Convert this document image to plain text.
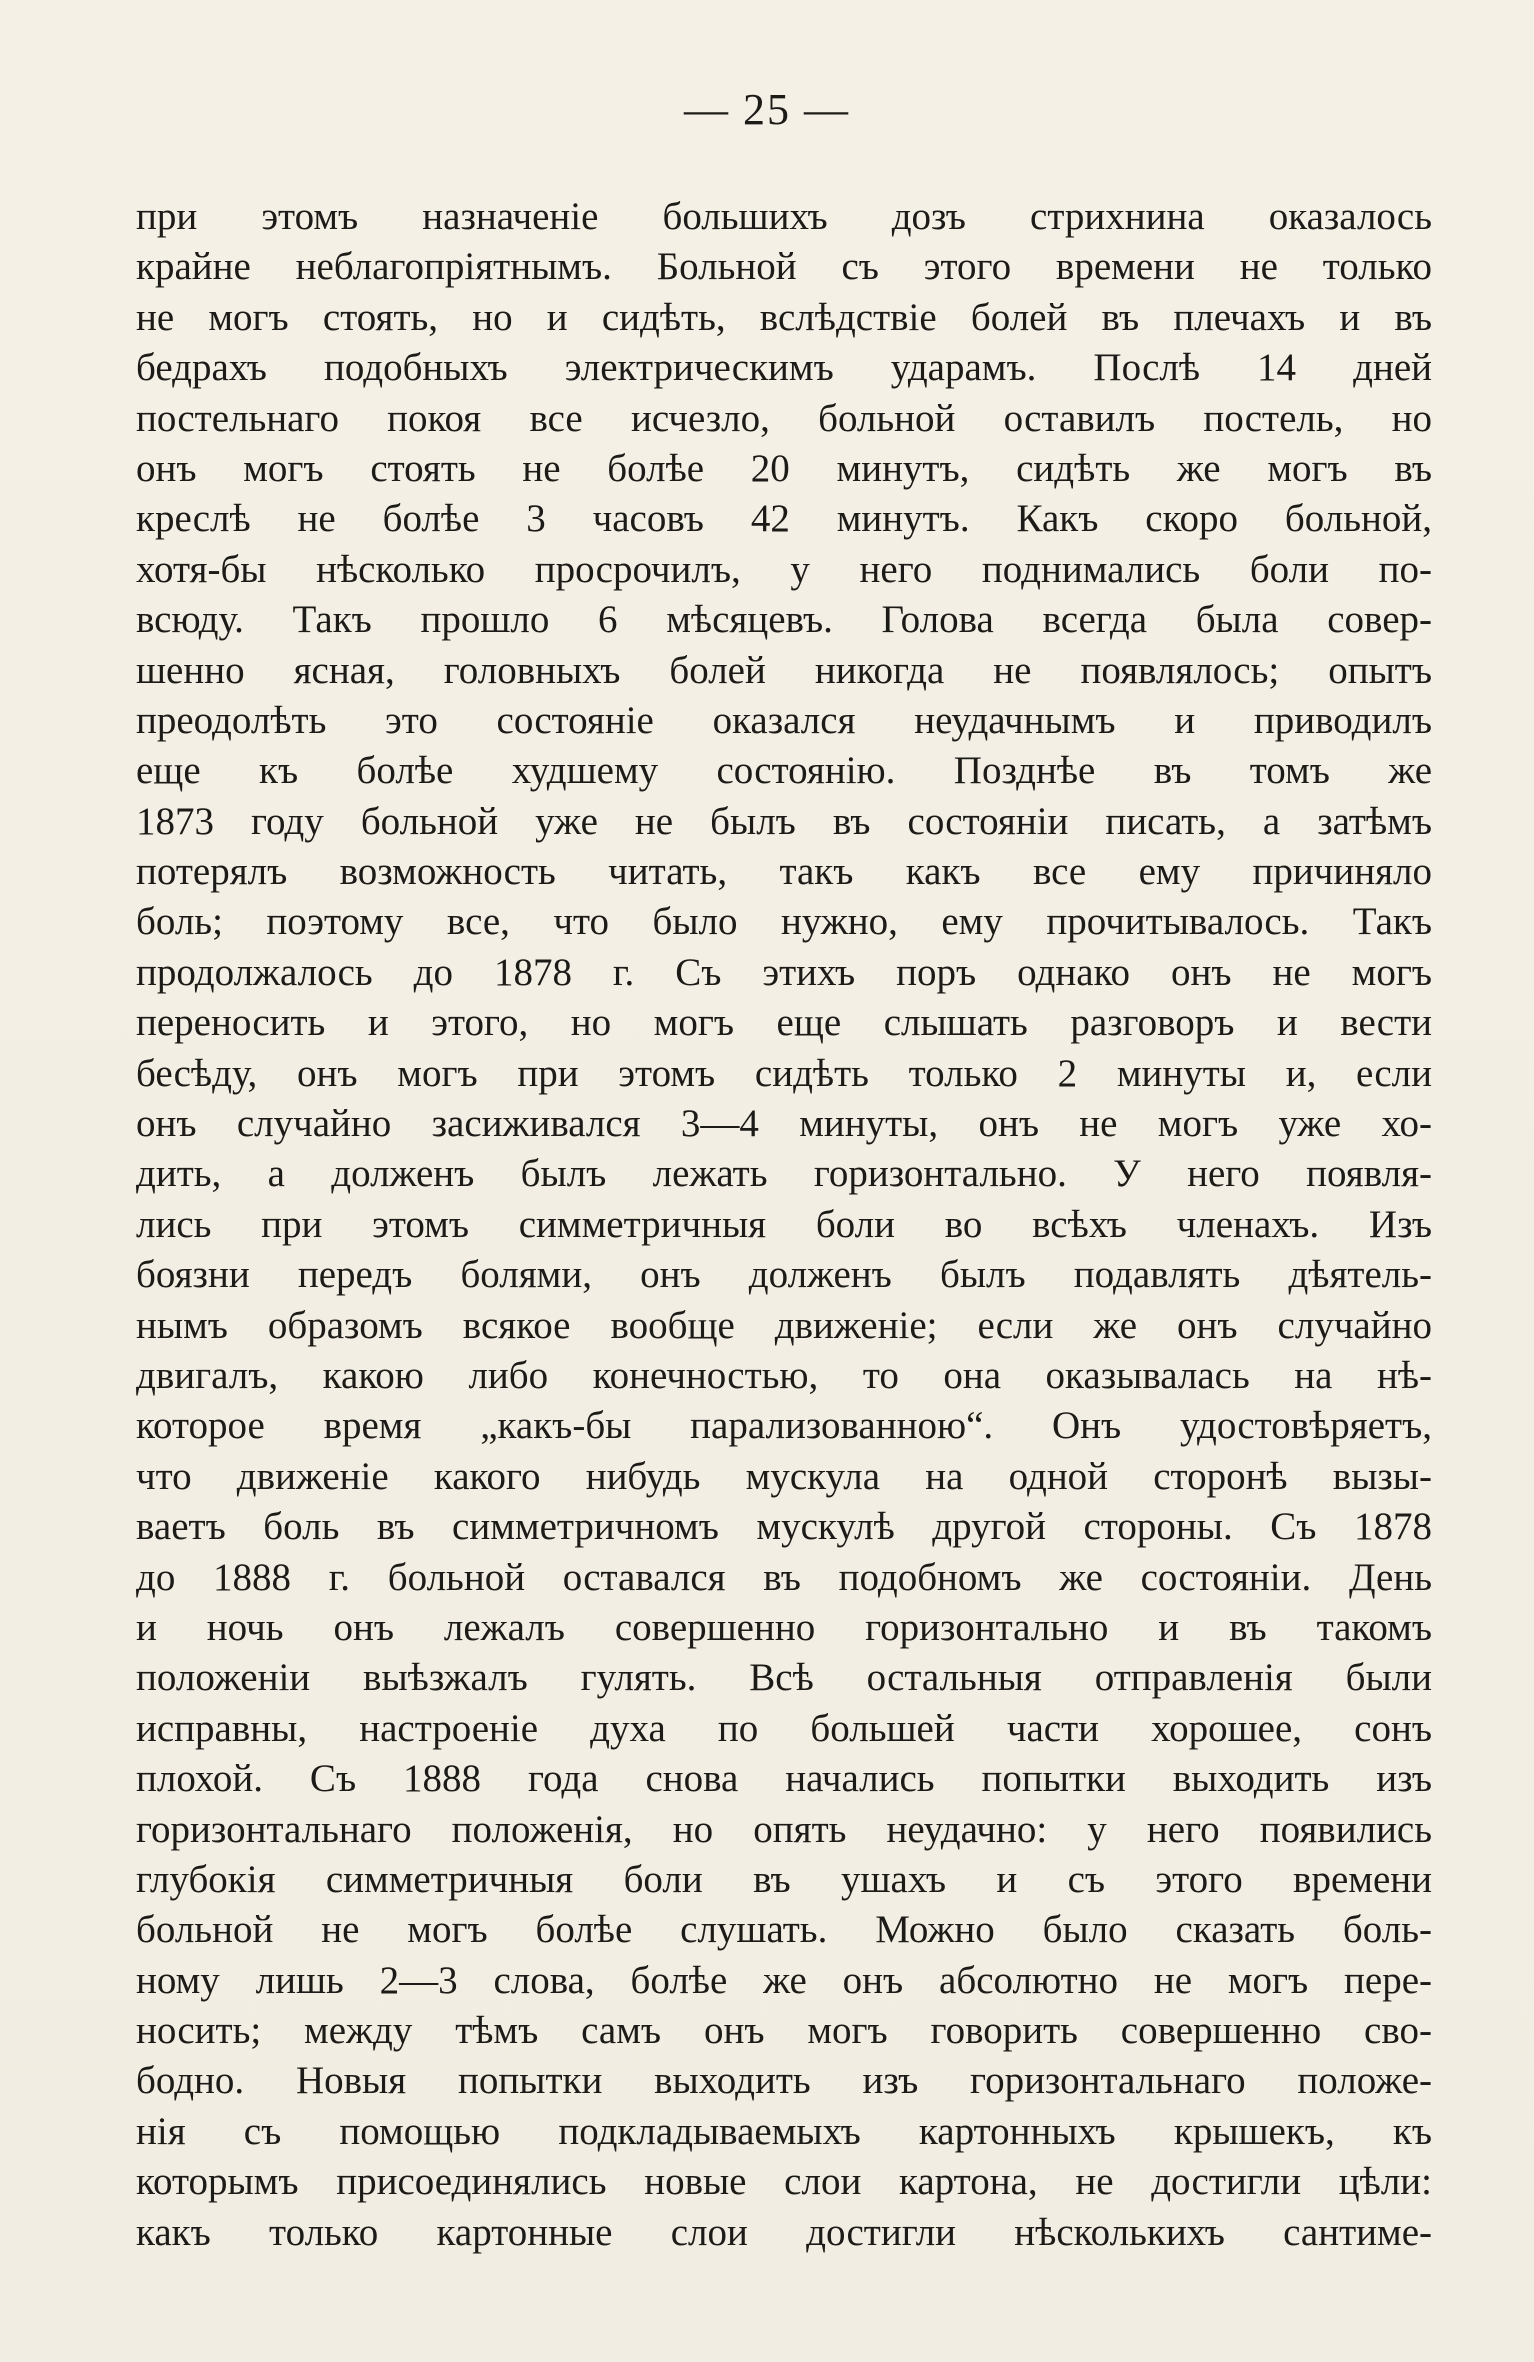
— 25 —
при этомъ назначеніе большихъ дозъ стрихнина оказалось
крайне неблагопріятнымъ. Больной съ этого времени не только
не могъ стоять, но и сидѣть, вслѣдствіе болей въ плечахъ и въ
бедрахъ подобныхъ электрическимъ ударамъ. Послѣ 14 дней
постельнаго покоя все исчезло, больной оставилъ постель, но
онъ могъ стоять не болѣе 20 минутъ, сидѣть же могъ въ
креслѣ не болѣе 3 часовъ 42 минутъ. Какъ скоро больной,
хотя-бы нѣсколько просрочилъ, у него поднимались боли по-
всюду. Такъ прошло 6 мѣсяцевъ. Голова всегда была совер-
шенно ясная, головныхъ болей никогда не появлялось; опытъ
преодолѣть это состояніе оказался неудачнымъ и приводилъ
еще къ болѣе худшему состоянію. Позднѣе въ томъ же
1873 году больной уже не былъ въ состояніи писать, а затѣмъ
потерялъ возможность читать, такъ какъ все ему причиняло
боль; поэтому все, что было нужно, ему прочитывалось. Такъ
продолжалось до 1878 г. Съ этихъ поръ однако онъ не могъ
переносить и этого, но могъ еще слышать разговоръ и вести
бесѣду, онъ могъ при этомъ сидѣть только 2 минуты и, если
онъ случайно засиживался 3—4 минуты, онъ не могъ уже хо-
дить, а долженъ былъ лежать горизонтально. У него появля-
лись при этомъ симметричныя боли во всѣхъ членахъ. Изъ
боязни передъ болями, онъ долженъ былъ подавлять дѣятель-
нымъ образомъ всякое вообще движеніе; если же онъ случайно
двигалъ, какою либо конечностью, то она оказывалась на нѣ-
которое время „какъ-бы парализованною“. Онъ удостовѣряетъ,
что движеніе какого нибудь мускула на одной сторонѣ вызы-
ваетъ боль въ симметричномъ мускулѣ другой стороны. Съ 1878
до 1888 г. больной оставался въ подобномъ же состояніи. День
и ночь онъ лежалъ совершенно горизонтально и въ такомъ
положеніи выѣзжалъ гулять. Всѣ остальныя отправленія были
исправны, настроеніе духа по большей части хорошее, сонъ
плохой. Съ 1888 года снова начались попытки выходить изъ
горизонтальнаго положенія, но опять неудачно: у него появились
глубокія симметричныя боли въ ушахъ и съ этого времени
больной не могъ болѣе слушать. Можно было сказать боль-
ному лишь 2—3 слова, болѣе же онъ абсолютно не могъ пере-
носить; между тѣмъ самъ онъ могъ говорить совершенно сво-
бодно. Новыя попытки выходить изъ горизонтальнаго положе-
нія съ помощью подкладываемыхъ картонныхъ крышекъ, къ
которымъ присоединялись новые слои картона, не достигли цѣли:
какъ только картонные слои достигли нѣсколькихъ сантиме-
